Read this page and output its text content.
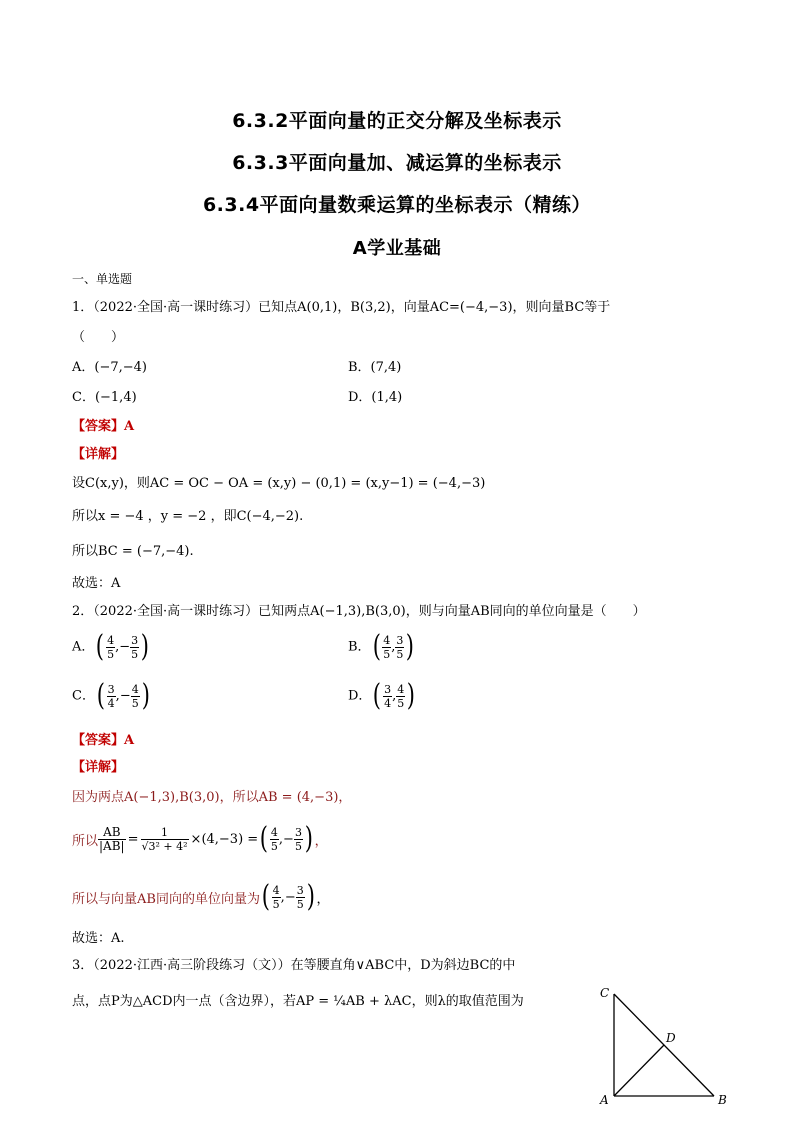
6.3.2平面向量的正交分解及坐标表示
6.3.3平面向量加、减运算的坐标表示
6.3.4平面向量数乘运算的坐标表示（精练）
A学业基础
一、单选题
1．（2022·全国·高一课时练习）已知点A(0,1)，B(3,2)，向量AC=(−4,−3)，则向量BC等于
（　　）
A．(−7,−4)	B．(7,4)
C．(−1,4)	D．(1,4)
【答案】A
【详解】
设C(x,y)，则AC = OC − OA = (x,y) − (0,1) = (x,y−1) = (−4,−3)
所以x = −4 ，y = −2 ，即C(−4,−2).
所以BC = (−7,−4).
故选：A
2．（2022·全国·高一课时练习）已知两点A(−1,3),B(3,0)，则与向量AB同向的单位向量是（　　）
A．( $\frac{4}{5}$ ,− $\frac{3}{5}$ )	B．( $\frac{4}{5}$ , $\frac{3}{5}$ )
C．( $\frac{3}{4}$ ,− $\frac{4}{5}$ )	D．( $\frac{3}{4}$ , $\frac{4}{5}$ )
【答案】A
【详解】
因为两点A(−1,3),B(3,0)，所以AB = (4,−3)，
所以 $\frac{AB}{|AB|} = \frac{1}{\text{√3² + 4²}} \times(4,-3)$ = ( $\frac{4}{5}$ , − $\frac{3}{5}$ ) ，
所以与向量AB同向的单位向量为 ( $\frac{4}{5}$ , − $\frac{3}{5}$ ) ，
故选：A.
3．（2022·江西·高三阶段练习（文））在等腰直角∨ABC中，D为斜边BC的中
点，点P为△ACD内一点（含边界），若AP = ¼AB + λAC，则λ的取值范围为
C
D
A	B
